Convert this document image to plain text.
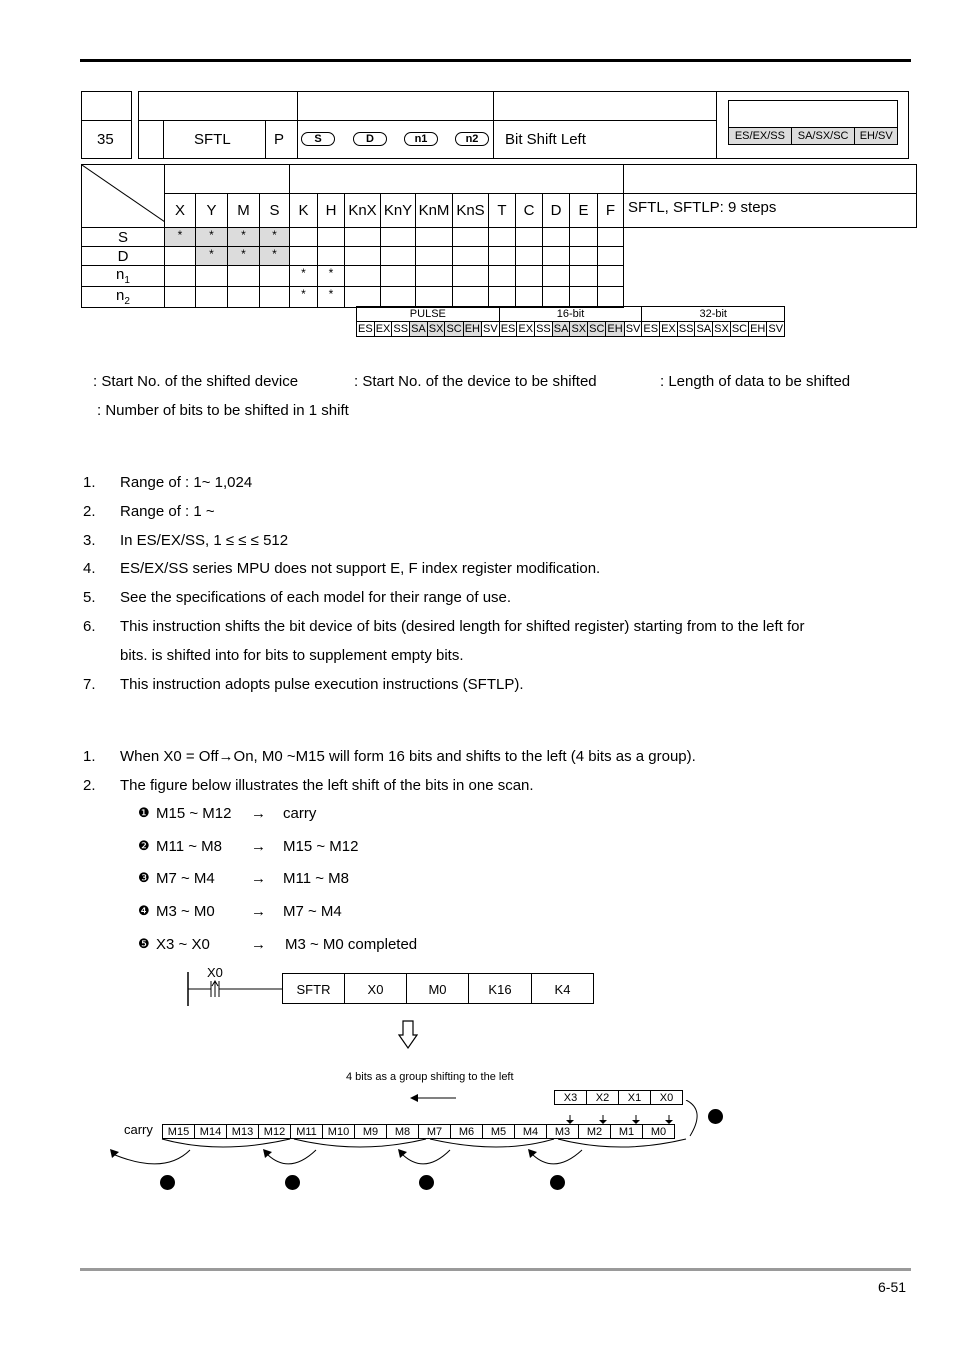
35	SFTL	P	S	D	n1	n2	Bit Shift Left	ES/EX/SS	SA/SX/SC	EH/SV

	X	Y	M	S	K	H	KnX	KnY	KnM	KnS	T	C	D	E	F	SFTL, SFTLP: 9 steps
S	*	*	*	*												
D		*	*	*												
$n_1$					*	*										
$n_2$					*	*										
PULSE								16-bit								32-bit							
ES	EX	SS	SA	SX	SC	EH	SV	ES	EX	SS	SA	SX	SC	EH	SV	ES	EX	SS	SA	SX	SC	EH	SV
: Start No. of the shifted device	: Start No. of the device to be shifted	: Length of data to be shifted
: Number of bits to be shifted in 1 shift
1. Range of : 1~ 1,024
2. Range of : 1 ~
3. In ES/EX/SS, 1 ≤ ≤ ≤ 512
4. ES/EX/SS series MPU does not support E, F index register modification.
5. See the specifications of each model for their range of use.
6. This instruction shifts the bit device of bits (desired length for shifted register) starting from to the left for
bits. is shifted into for bits to supplement empty bits.
7. This instruction adopts pulse execution instructions (SFTLP).
1. When X0 = Off→On, M0 ~M15 will form 16 bits and shifts to the left (4 bits as a group).
2. The figure below illustrates the left shift of the bits in one scan.
❶ M15 ~ M12 → carry
❷ M11 ~ M8 → M15 ~ M12
❸ M7 ~ M4 → M11 ~ M8
❹ M3 ~ M0 → M7 ~ M4
❺ X3 ~ X0	→ M3 ~ M0 completed
X0
SFTR	X0	M0	K16	K4
4 bits as a group shifting to the left
X3	X2	X1	X0
carry	M15 M14 M13 M12	M11	M10	M9	M8	M7	M6	M5	M4	M3	M2	M1	M0
6-51
